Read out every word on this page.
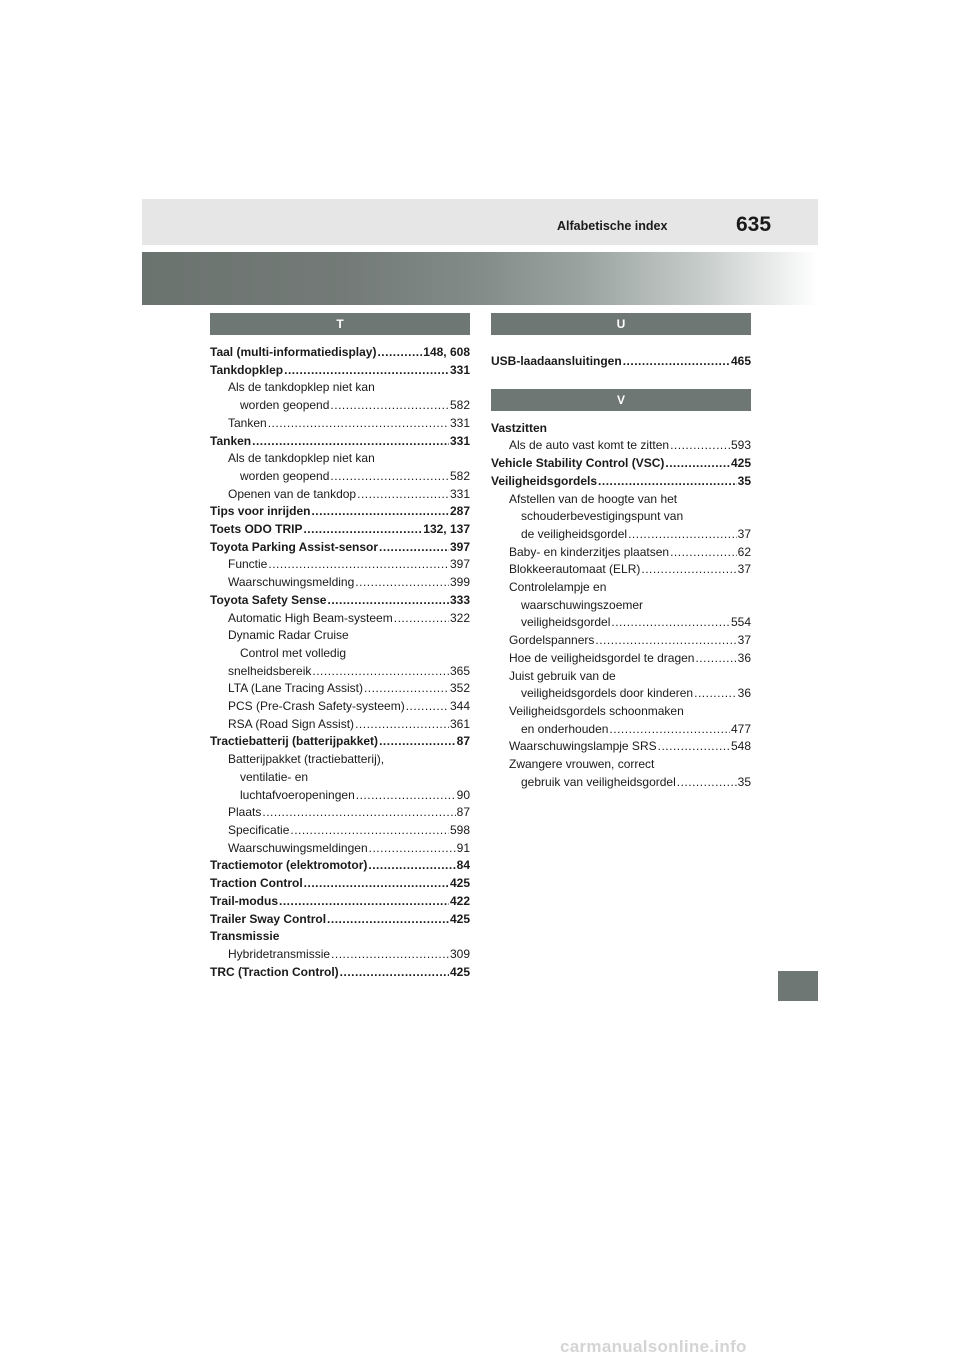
Alfabetische index	635
T
Taal (multi-informatiedisplay) .....	148, 608
Tankdopklep .....	331
Als de tankdopklep niet kan
worden geopend .....	582
Tanken .....	331
Tanken .....	331
Als de tankdopklep niet kan
worden geopend .....	582
Openen van de tankdop .....	331
Tips voor inrijden .....	287
Toets ODO TRIP .....	132, 137
Toyota Parking Assist-sensor .....	397
Functie .....	397
Waarschuwingsmelding .....	399
Toyota Safety Sense .....	333
Automatic High Beam-systeem .....	322
Dynamic Radar Cruise
Control met volledig
snelheidsbereik .....	365
LTA (Lane Tracing Assist) .....	352
PCS (Pre-Crash Safety-systeem) .....	344
RSA (Road Sign Assist) .....	361
Tractiebatterij (batterijpakket) .....	87
Batterijpakket (tractiebatterij),
ventilatie- en
luchtafvoeropeningen .....	90
Plaats .....	87
Specificatie .....	598
Waarschuwingsmeldingen .....	91
Tractiemotor (elektromotor) .....	84
Traction Control .....	425
Trail-modus .....	422
Trailer Sway Control .....	425
Transmissie
Hybridetransmissie .....	309
TRC (Traction Control) .....	425
U
USB-laadaansluitingen .....	465
V
Vastzitten
Als de auto vast komt te zitten .....	593
Vehicle Stability Control (VSC) .....	425
Veiligheidsgordels .....	35
Afstellen van de hoogte van het
schouderbevestigingspunt van
de veiligheidsgordel .....	37
Baby- en kinderzitjes plaatsen .....	62
Blokkeerautomaat (ELR) .....	37
Controlelampje en
waarschuwingszoemer
veiligheidsgordel .....	554
Gordelspanners .....	37
Hoe de veiligheidsgordel te dragen .....	36
Juist gebruik van de
veiligheidsgordels door kinderen .....	36
Veiligheidsgordels schoonmaken
en onderhouden .....	477
Waarschuwingslampje SRS .....	548
Zwangere vrouwen, correct
gebruik van veiligheidsgordel .....	35
carmanualsonline.info
